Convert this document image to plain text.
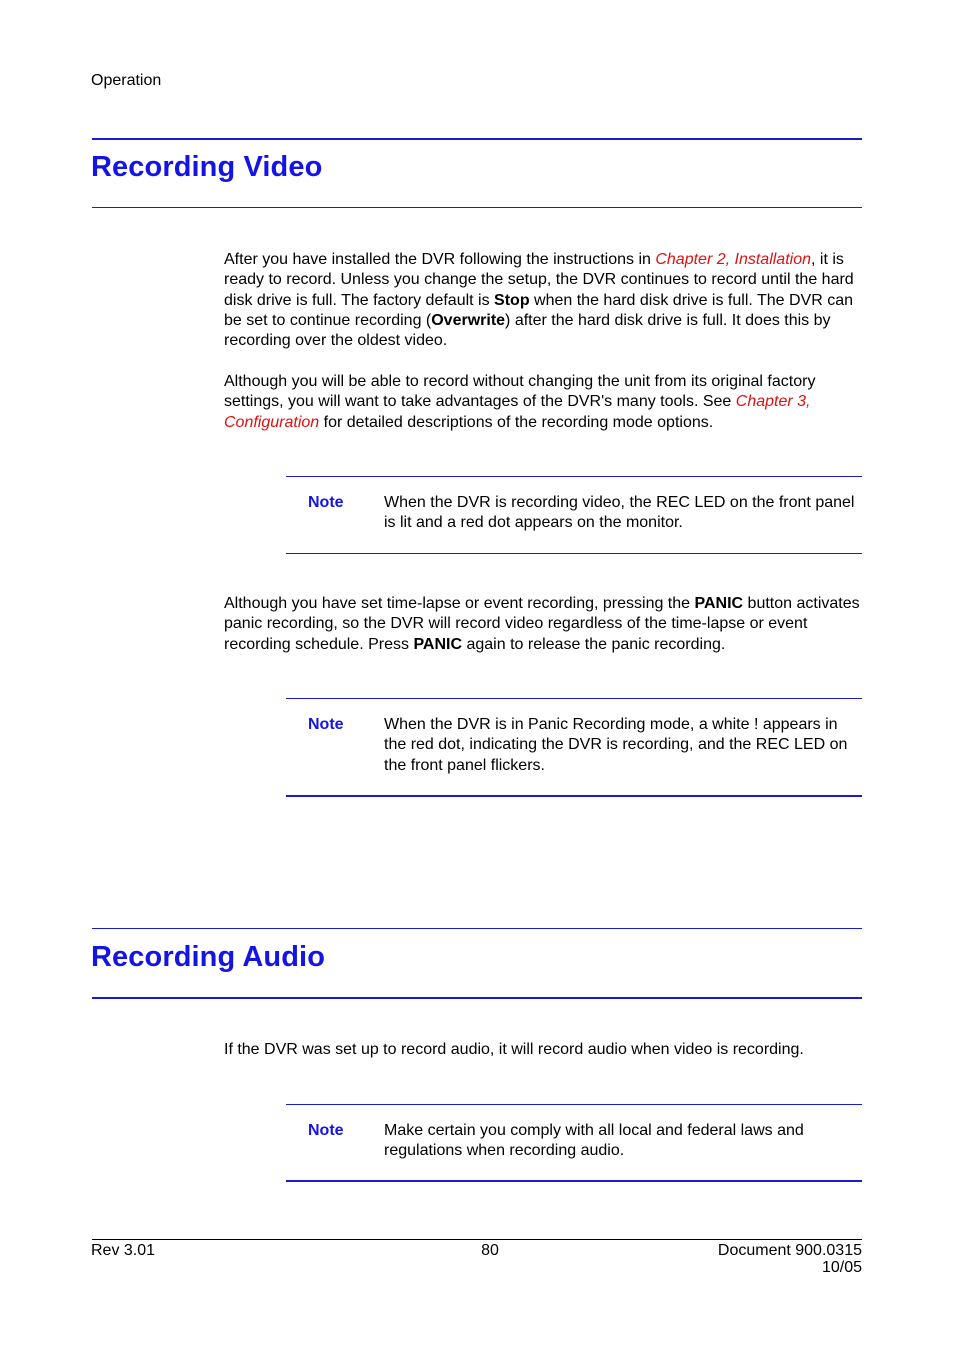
Operation
Recording Video
After you have installed the DVR following the instructions in Chapter 2, Installation, it is ready to record. Unless you change the setup, the DVR continues to record until the hard disk drive is full. The factory default is Stop when the hard disk drive is full. The DVR can be set to continue recording (Overwrite) after the hard disk drive is full. It does this by recording over the oldest video.
Although you will be able to record without changing the unit from its original factory settings, you will want to take advantages of the DVR's many tools. See Chapter 3, Configuration for detailed descriptions of the recording mode options.
Note	When the DVR is recording video, the REC LED on the front panel is lit and a red dot appears on the monitor.
Although you have set time-lapse or event recording, pressing the PANIC button activates panic recording, so the DVR will record video regardless of the time-lapse or event recording schedule. Press PANIC again to release the panic recording.
Note	When the DVR is in Panic Recording mode, a white ! appears in the red dot, indicating the DVR is recording, and the REC LED on the front panel flickers.
Recording Audio
If the DVR was set up to record audio, it will record audio when video is recording.
Note	Make certain you comply with all local and federal laws and regulations when recording audio.
Rev 3.01	80	Document 900.0315
10/05
